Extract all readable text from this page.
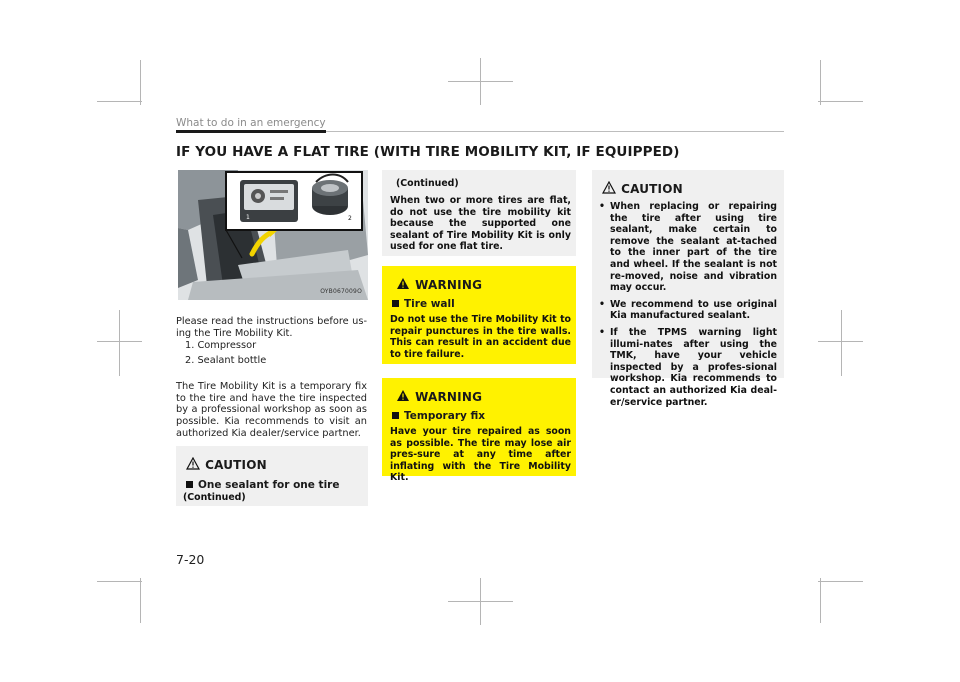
What to do in an emergency
IF YOU HAVE A FLAT TIRE (WITH TIRE MOBILITY KIT, IF EQUIPPED)
1	2
OYB067009O
Please read the instructions before us-ing the Tire Mobility Kit.
1. Compressor
2. Sealant bottle
The Tire Mobility Kit is a temporary fix to the tire and have the tire inspected by a professional workshop as soon as possible. Kia recommends to visit an authorized Kia dealer/service partner.
CAUTION
One sealant for one tire
(Continued)
(Continued)
When two or more tires are flat, do not use the tire mobility kit because the supported one sealant of Tire Mobility Kit is only used for one flat tire.
WARNING
Tire wall
Do not use the Tire Mobility Kit to repair punctures in the tire walls. This can result in an accident due to tire failure.
WARNING
Temporary fix
Have your tire repaired as soon as possible. The tire may lose air pres-sure at any time after inflating with the Tire Mobility Kit.
CAUTION
• When replacing or repairing the tire after using tire sealant, make certain to remove the sealant at-tached to the inner part of the tire and wheel. If the sealant is not re-moved, noise and vibration may occur.
• We recommend to use original Kia manufactured sealant.
• If the TPMS warning light illumi-nates after using the TMK, have your vehicle inspected by a profes-sional workshop. Kia recommends to contact an authorized Kia deal-er/service partner.
7-20
